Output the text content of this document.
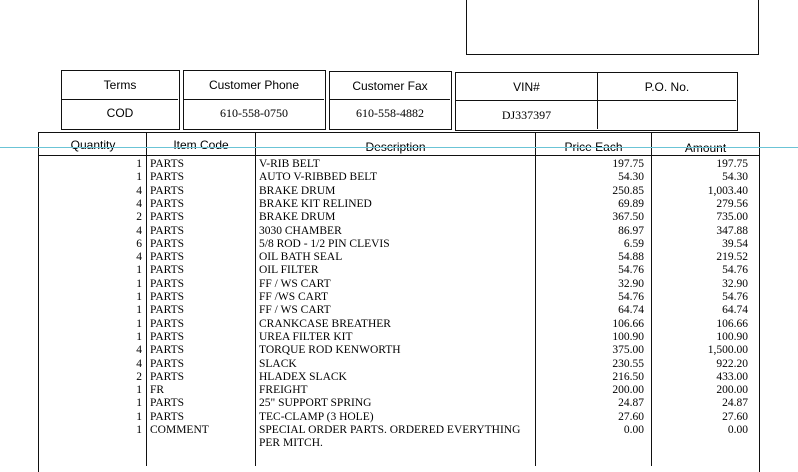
Terms
COD
Customer Phone
610-558-0750
Customer Fax
610-558-4882
VIN#
DJ337397
P.O. No.
Quantity	Item Code	Description	Price Each	Amount
1 PARTS	V-RIB BELT	197.75	197.75
1 PARTS	AUTO V-RIBBED BELT	54.30	54.30
4 PARTS	BRAKE DRUM	250.85	1,003.40
4 PARTS	BRAKE KIT RELINED	69.89	279.56
2 PARTS	BRAKE DRUM	367.50	735.00
4 PARTS	3030 CHAMBER	86.97	347.88
6 PARTS	5/8 ROD - 1/2 PIN CLEVIS	6.59	39.54
4 PARTS	OIL BATH SEAL	54.88	219.52
1 PARTS	OIL FILTER	54.76	54.76
1 PARTS	FF / WS CART	32.90	32.90
1 PARTS	FF /WS CART	54.76	54.76
1 PARTS	FF / WS CART	64.74	64.74
1 PARTS	CRANKCASE BREATHER	106.66	106.66
1 PARTS	UREA FILTER KIT	100.90	100.90
4 PARTS	TORQUE ROD KENWORTH	375.00	1,500.00
4 PARTS	SLACK	230.55	922.20
2 PARTS	HLADEX SLACK	216.50	433.00
1 FR	FREIGHT	200.00	200.00
1 PARTS	25" SUPPORT SPRING	24.87	24.87
1 PARTS	TEC-CLAMP (3 HOLE)	27.60	27.60
1 COMMENT	SPECIAL ORDER PARTS. ORDERED EVERYTHING	0.00	0.00
PER MITCH.
